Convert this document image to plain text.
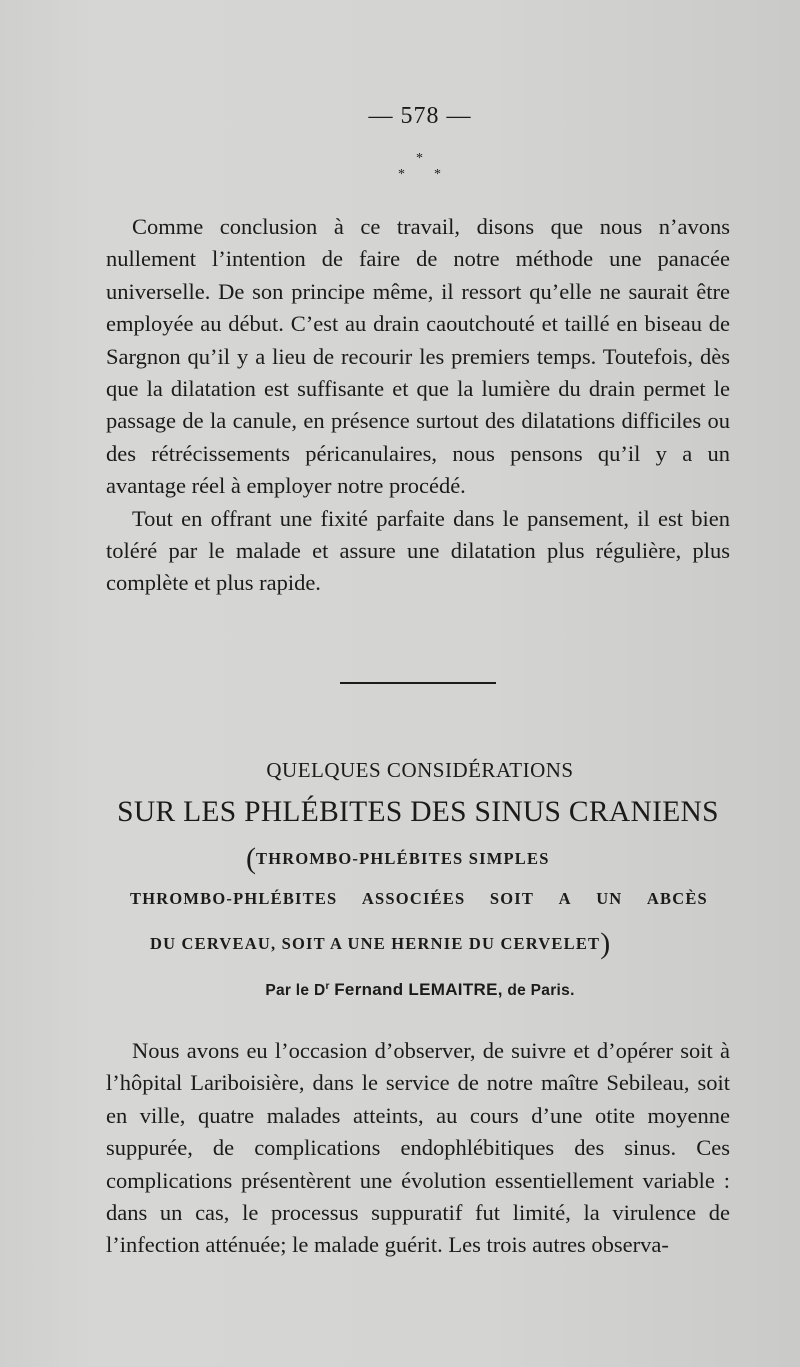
— 578 —
*
* *

Comme conclusion à ce travail, disons que nous n’avons nullement l’intention de faire de notre méthode une panacée universelle. De son principe même, il ressort qu’elle ne saurait être employée au début. C’est au drain caoutchouté et taillé en biseau de Sargnon qu’il y a lieu de recourir les premiers temps. Toutefois, dès que la dilatation est suffisante et que la lumière du drain permet le passage de la canule, en présence surtout des dilatations difficiles ou des rétrécissements péricanulaires, nous pensons qu’il y a un avantage réel à employer notre procédé.

Tout en offrant une fixité parfaite dans le pansement, il est bien toléré par le malade et assure une dilatation plus régulière, plus complète et plus rapide.

QUELQUES CONSIDÉRATIONS
SUR LES PHLÉBITES DES SINUS CRANIENS
(THROMBO-PHLÉBITES SIMPLES
THROMBO-PHLÉBITES ASSOCIÉES SOIT A UN ABCÈS
DU CERVEAU, SOIT A UNE HERNIE DU CERVELET)
Par le $D^r$ Fernand LEMAITRE, de Paris.

Nous avons eu l’occasion d’observer, de suivre et d’opérer soit à l’hôpital Lariboisière, dans le service de notre maître Sebileau, soit en ville, quatre malades atteints, au cours d’une otite moyenne suppurée, de complications endophlébitiques des sinus. Ces complications présentèrent une évolution essentiellement variable : dans un cas, le processus suppuratif fut limité, la virulence de l’infection atténuée; le malade guérit. Les trois autres observa-
